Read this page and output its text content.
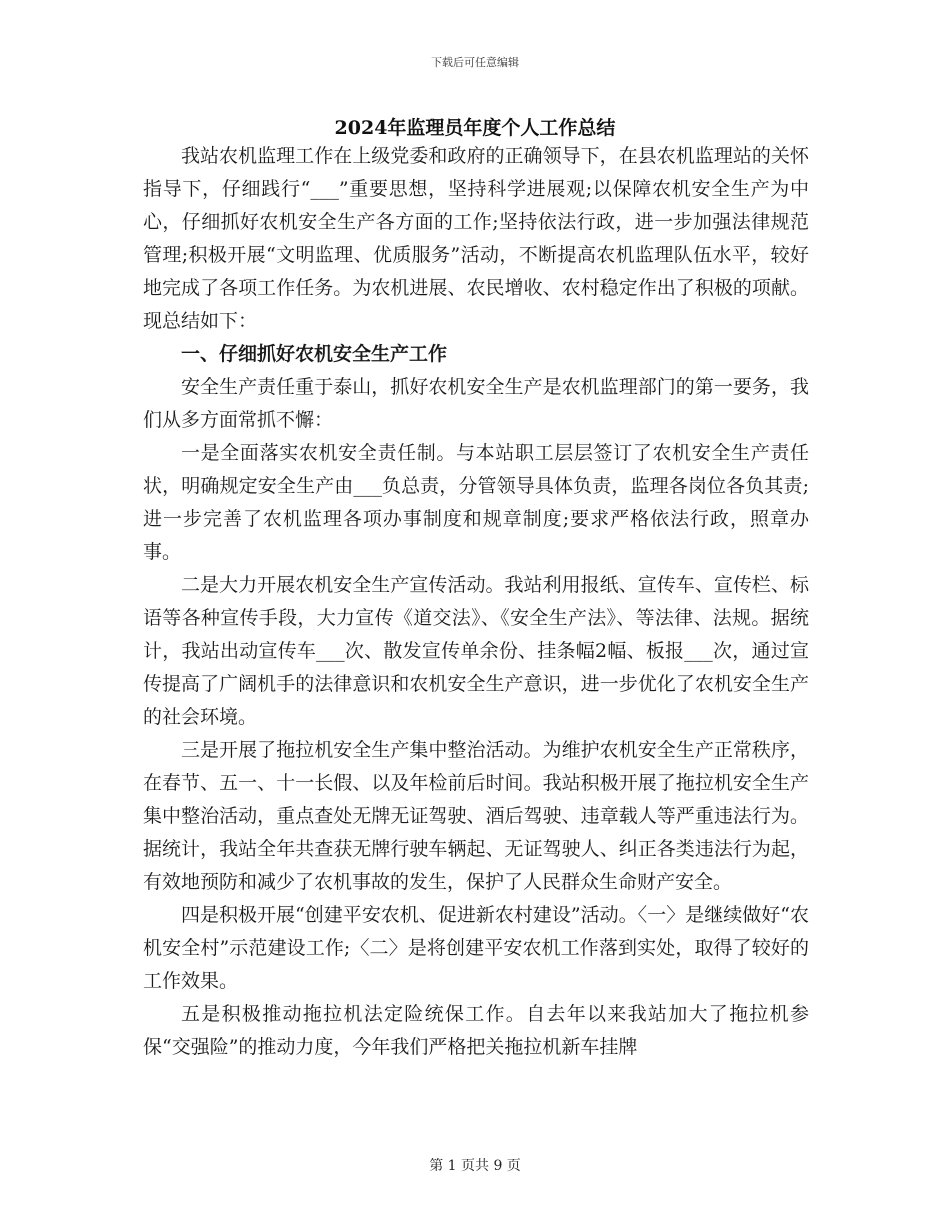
下载后可任意编辑
2024年监理员年度个人工作总结

我站农机监理工作在上级党委和政府的正确领导下，在县农机监理站的关怀指导下，仔细践行“___”重要思想，坚持科学进展观;以保障农机安全生产为中心，仔细抓好农机安全生产各方面的工作;坚持依法行政，进一步加强法律规范管理;积极开展“文明监理、优质服务”活动，不断提高农机监理队伍水平，较好地完成了各项工作任务。为农机进展、农民增收、农村稳定作出了积极的项献。现总结如下：

一、仔细抓好农机安全生产工作

安全生产责任重于泰山，抓好农机安全生产是农机监理部门的第一要务，我们从多方面常抓不懈：

一是全面落实农机安全责任制。与本站职工层层签订了农机安全生产责任状，明确规定安全生产由___负总责，分管领导具体负责，监理各岗位各负其责;进一步完善了农机监理各项办事制度和规章制度;要求严格依法行政，照章办事。

二是大力开展农机安全生产宣传活动。我站利用报纸、宣传车、宣传栏、标语等各种宣传手段，大力宣传《道交法》、《安全生产法》、等法律、法规。据统计，我站出动宣传车___次、散发宣传单余份、挂条幅2幅、板报___次，通过宣传提高了广阔机手的法律意识和农机安全生产意识，进一步优化了农机安全生产的社会环境。

三是开展了拖拉机安全生产集中整治活动。为维护农机安全生产正常秩序，在春节、五一、十一长假、以及年检前后时间。我站积极开展了拖拉机安全生产集中整治活动，重点查处无牌无证驾驶、酒后驾驶、违章载人等严重违法行为。据统计，我站全年共查获无牌行驶车辆起、无证驾驶人、纠正各类违法行为起，有效地预防和减少了农机事故的发生，保护了人民群众生命财产安全。

四是积极开展“创建平安农机、促进新农村建设”活动。〈一〉是继续做好“农机安全村”示范建设工作;〈二〉是将创建平安农机工作落到实处，取得了较好的工作效果。

五是积极推动拖拉机法定险统保工作。自去年以来我站加大了拖拉机参保“交强险”的推动力度，今年我们严格把关拖拉机新车挂牌

第 1 页共 9 页
